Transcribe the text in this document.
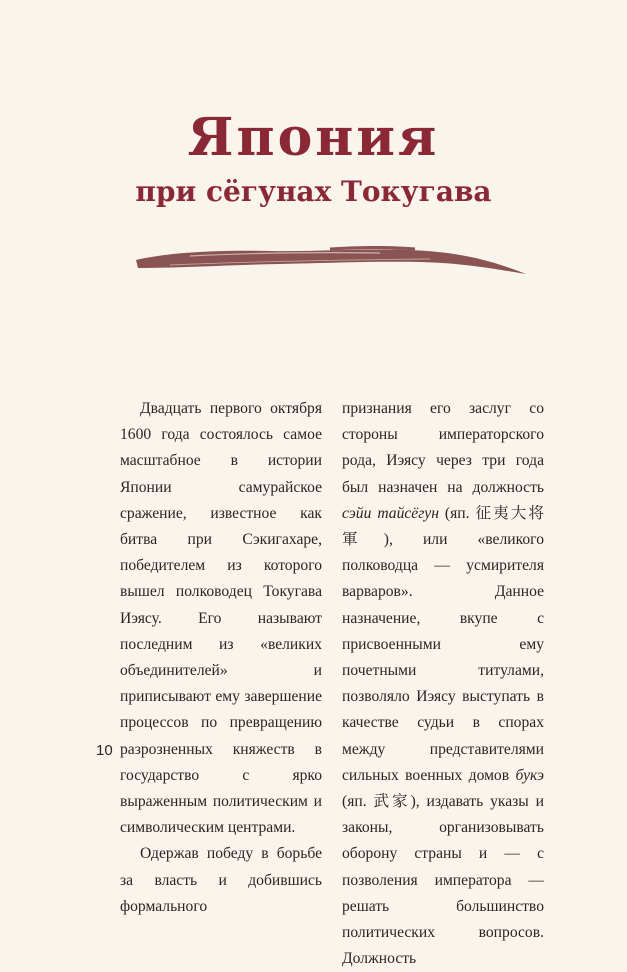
Япония
при сёгунах Токугава

Двадцать первого октября 1600 года состоялось самое масштабное в истории Японии самурайское сражение, известное как битва при Сэкигахаре, победителем из которого вышел полководец Токугава Иэясу. Его называют последним из «великих объединителей» и приписывают ему завершение процессов по превращению разрозненных княжеств в государство с ярко выраженным политическим и символическим центрами.

Одержав победу в борьбе за власть и добившись формального

признания его заслуг со стороны императорского рода, Иэясу через три года был назначен на должность сэйи тайсёгун (яп. 征夷大将軍), или «великого полководца — усмирителя варваров». Данное назначение, вкупе с присвоенными ему почетными титулами, позволяло Иэясу выступать в качестве судьи в спорах между представителями сильных военных домов букэ (яп. 武家), издавать указы и законы, организовывать оборону страны и — с позволения императора — решать большинство политических вопросов. Должность

10
